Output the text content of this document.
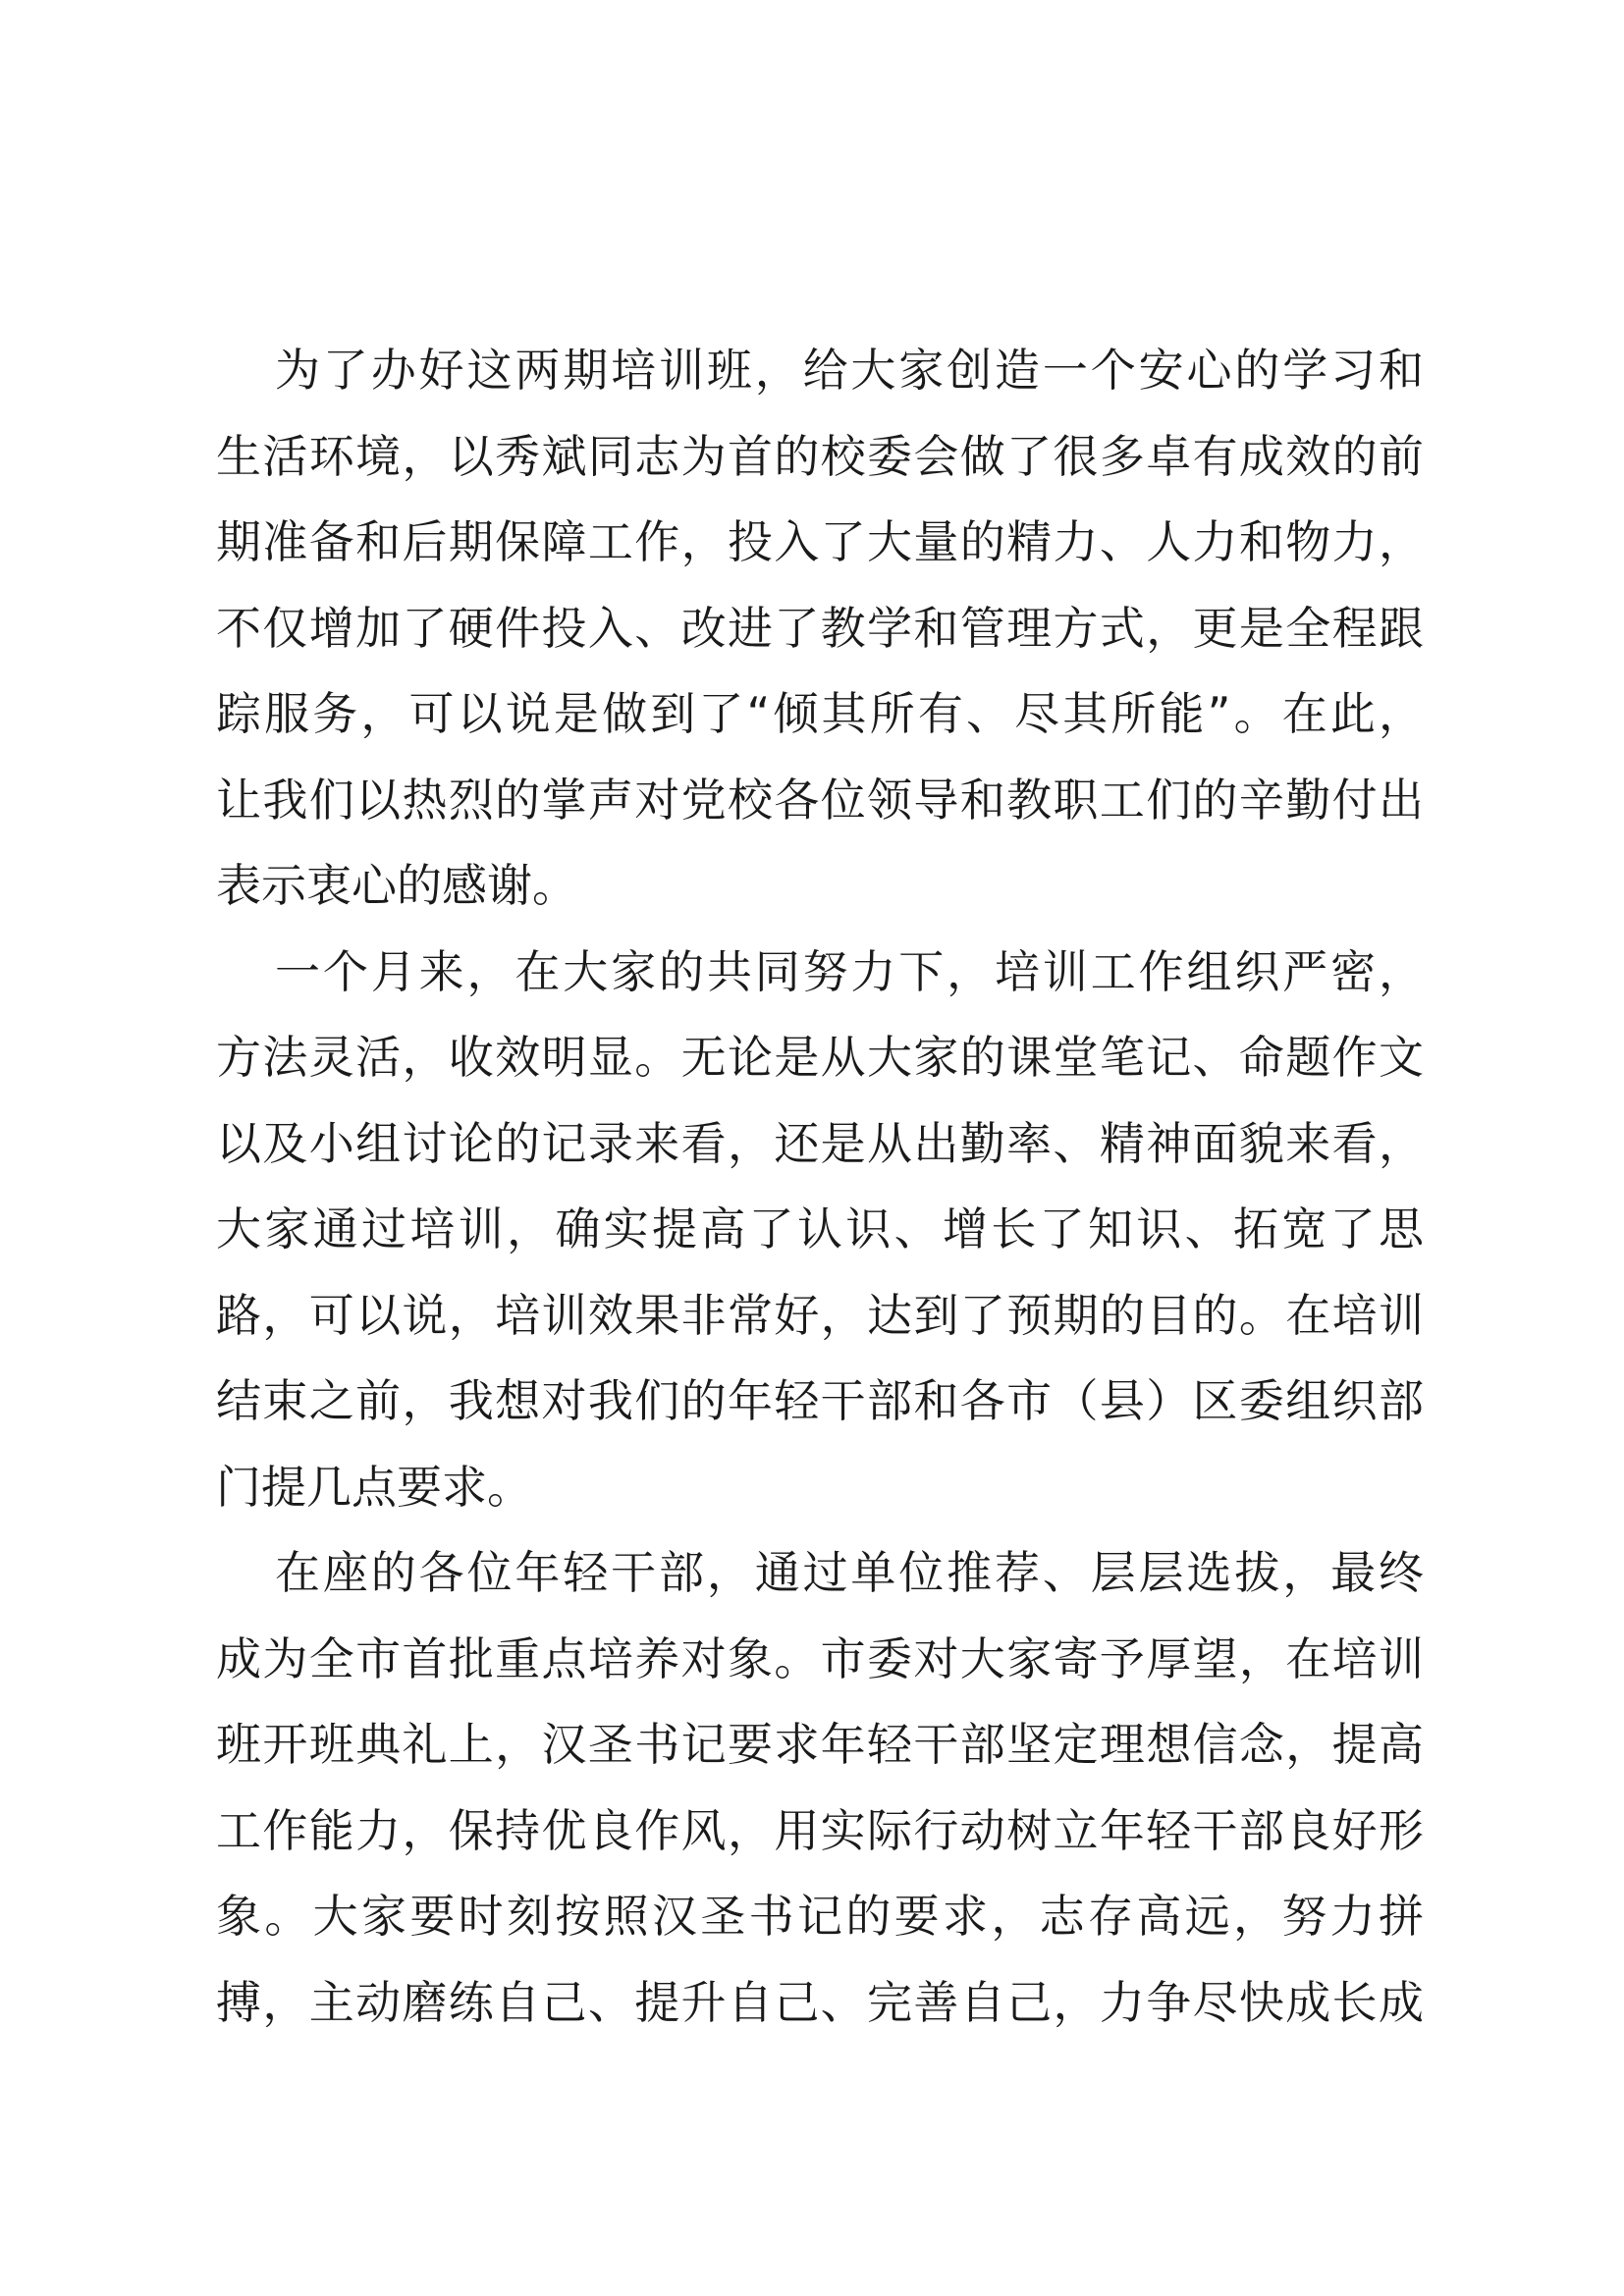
为了办好这两期培训班，给大家创造一个安心的学习和
生活环境，以秀斌同志为首的校委会做了很多卓有成效的前
期准备和后期保障工作，投入了大量的精力、人力和物力，
不仅增加了硬件投入、改进了教学和管理方式，更是全程跟
踪服务，可以说是做到了“倾其所有、尽其所能”。在此，
让我们以热烈的掌声对党校各位领导和教职工们的辛勤付出
表示衷心的感谢。
一个月来，在大家的共同努力下，培训工作组织严密，
方法灵活，收效明显。无论是从大家的课堂笔记、命题作文
以及小组讨论的记录来看，还是从出勤率、精神面貌来看，
大家通过培训，确实提高了认识、增长了知识、拓宽了思
路，可以说，培训效果非常好，达到了预期的目的。在培训
结束之前，我想对我们的年轻干部和各市（县）区委组织部
门提几点要求。
在座的各位年轻干部，通过单位推荐、层层选拔，最终
成为全市首批重点培养对象。市委对大家寄予厚望，在培训
班开班典礼上，汉圣书记要求年轻干部坚定理想信念，提高
工作能力，保持优良作风，用实际行动树立年轻干部良好形
象。大家要时刻按照汉圣书记的要求，志存高远，努力拼
搏，主动磨练自己、提升自己、完善自己，力争尽快成长成
